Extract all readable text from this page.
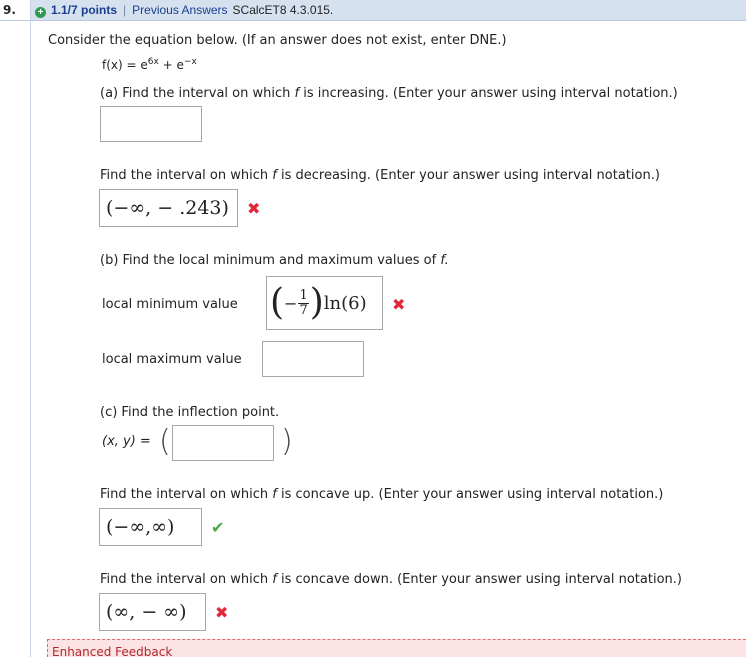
9.	+ 1.1/7 points | Previous Answers SCalcET8 4.3.015.
Consider the equation below. (If an answer does not exist, enter DNE.)
$f(x) = e^{6x} + e^{-x}$
(a) Find the interval on which f is increasing. (Enter your answer using interval notation.)
Find the interval on which f is decreasing. (Enter your answer using interval notation.)
(−∞, − .243) ✖
(b) Find the local minimum and maximum values of f.
local minimum value ( − $\frac{1}{7}$ ) ln(6) ✖
local maximum value
(c) Find the inflection point.
(x, y) = (	)
Find the interval on which f is concave up. (Enter your answer using interval notation.)
(−∞,∞) ✔
Find the interval on which f is concave down. (Enter your answer using interval notation.)
(∞, − ∞) ✖
Enhanced Feedback
